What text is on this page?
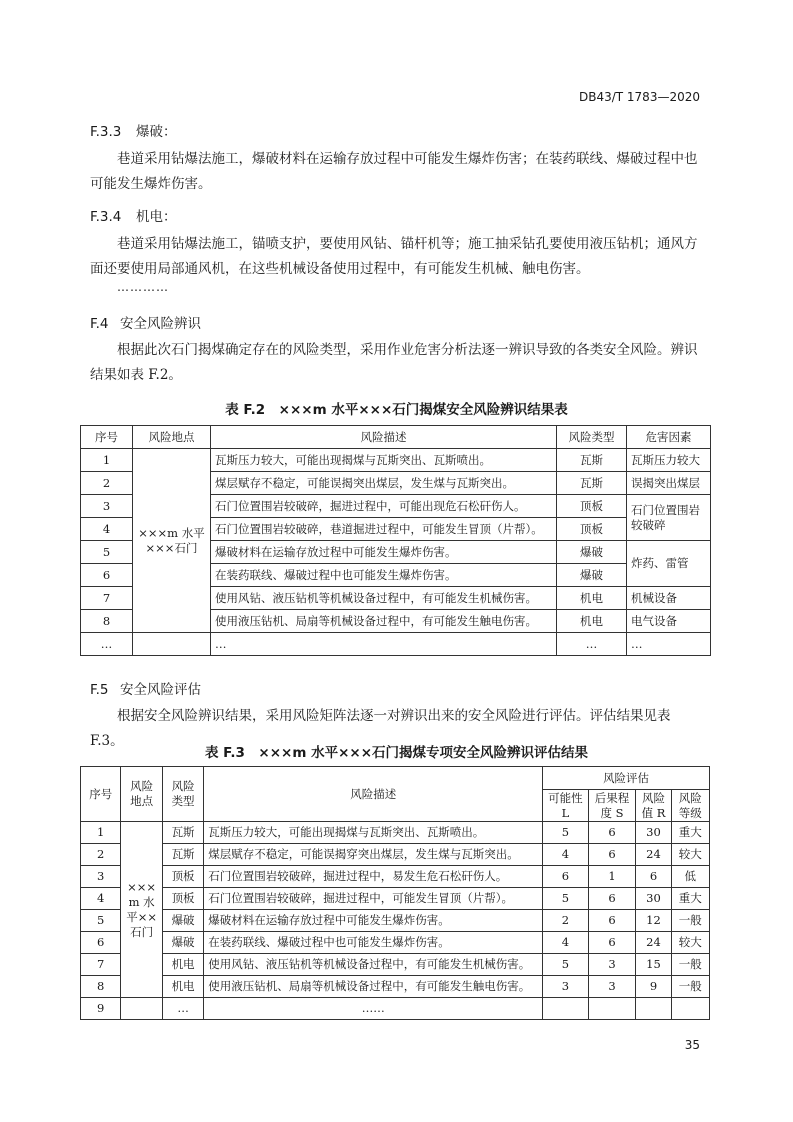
DB43/T 1783—2020
F.3.3 爆破：
巷道采用钻爆法施工，爆破材料在运输存放过程中可能发生爆炸伤害；在装药联线、爆破过程中也可能发生爆炸伤害。
F.3.4 机电：
巷道采用钻爆法施工，锚喷支护，要使用风钻、锚杆机等；施工抽采钻孔要使用液压钻机；通风方面还要使用局部通风机，在这些机械设备使用过程中，有可能发生机械、触电伤害。
…………
F.4 安全风险辨识
根据此次石门揭煤确定存在的风险类型，采用作业危害分析法逐一辨识导致的各类安全风险。辨识结果如表 F.2。
表 F.2　×××m 水平×××石门揭煤安全风险辨识结果表
序号	风险地点	风险描述	风险类型	危害因素
1	×××m 水平×××石门	瓦斯压力较大，可能出现揭煤与瓦斯突出、瓦斯喷出。	瓦斯	瓦斯压力较大
2		煤层赋存不稳定，可能误揭突出煤层，发生煤与瓦斯突出。	瓦斯	误揭突出煤层
3		石门位置围岩较破碎，掘进过程中，可能出现危石松矸伤人。	顶板	石门位置围岩较破碎
4		石门位置围岩较破碎，巷道掘进过程中，可能发生冒顶（片帮）。	顶板	
5		爆破材料在运输存放过程中可能发生爆炸伤害。	爆破	炸药、雷管
6		在装药联线、爆破过程中也可能发生爆炸伤害。	爆破	
7		使用风钻、液压钻机等机械设备过程中，有可能发生机械伤害。	机电	机械设备
8		使用液压钻机、局扇等机械设备过程中，有可能发生触电伤害。	机电	电气设备
…		…	…	…
F.5 安全风险评估
根据安全风险辨识结果，采用风险矩阵法逐一对辨识出来的安全风险进行评估。评估结果见表 F.3。
表 F.3　×××m 水平×××石门揭煤专项安全风险辨识评估结果
序号	风险地点	风险类型	风险描述	风险评估			
				可能性 L	后果程度 S	风险值 R	风险等级
1	××× m 水平××石门	瓦斯	瓦斯压力较大，可能出现揭煤与瓦斯突出、瓦斯喷出。	5	6	30	重大
2		瓦斯	煤层赋存不稳定，可能误揭穿突出煤层，发生煤与瓦斯突出。	4	6	24	较大
3		顶板	石门位置围岩较破碎，掘进过程中，易发生危石松矸伤人。	6	1	6	低
4		顶板	石门位置围岩较破碎，掘进过程中，可能发生冒顶（片帮）。	5	6	30	重大
5		爆破	爆破材料在运输存放过程中可能发生爆炸伤害。	2	6	12	一般
6		爆破	在装药联线、爆破过程中也可能发生爆炸伤害。	4	6	24	较大
7		机电	使用风钻、液压钻机等机械设备过程中，有可能发生机械伤害。	5	3	15	一般
8		机电	使用液压钻机、局扇等机械设备过程中，有可能发生触电伤害。	3	3	9	一般
9		…	……				
35
